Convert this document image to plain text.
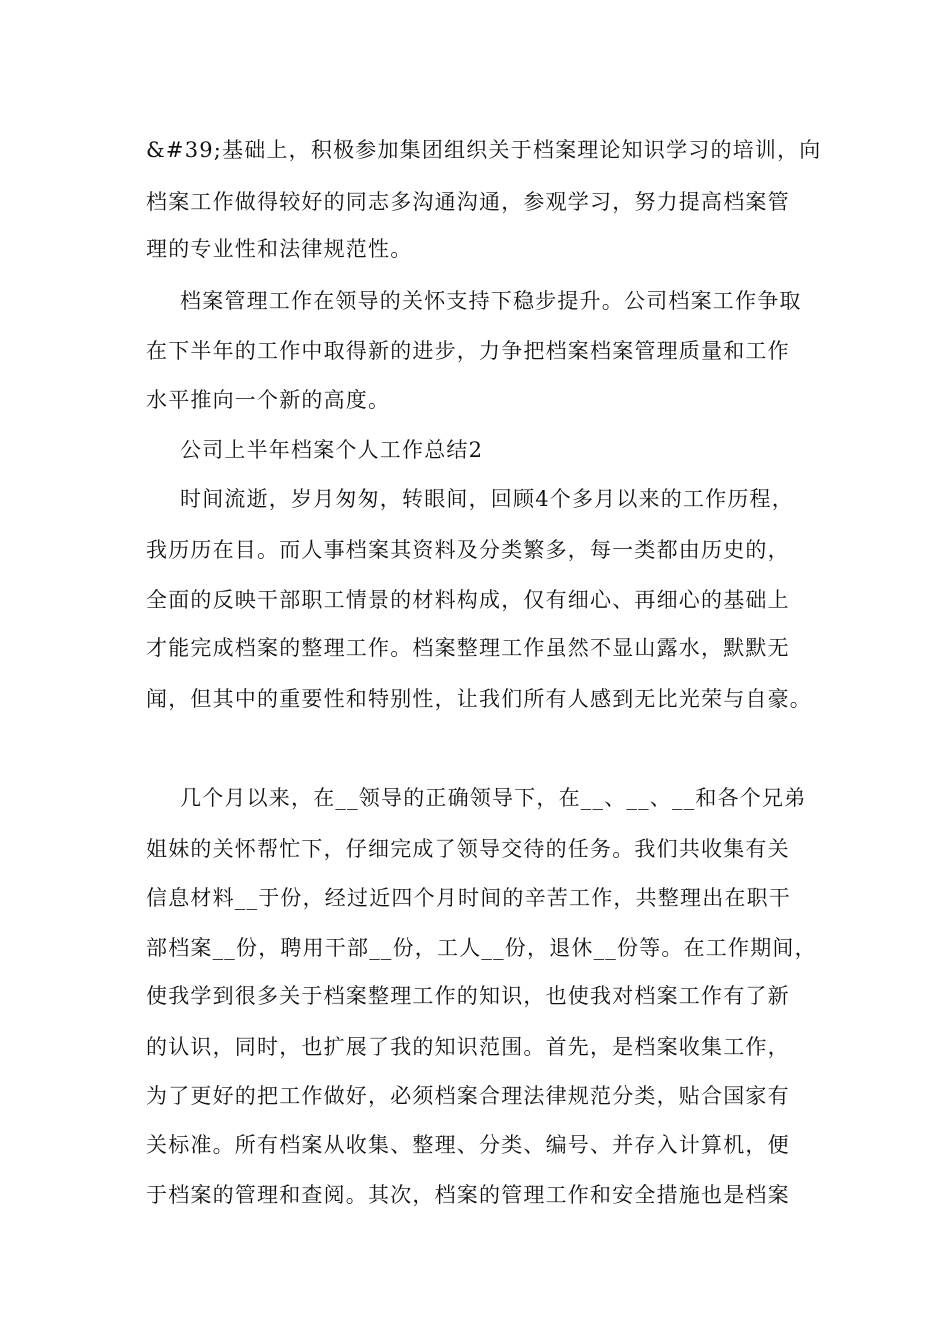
&#39;基础上，积极参加集团组织关于档案理论知识学习的培训，向
档案工作做得较好的同志多沟通沟通，参观学习，努力提高档案管
理的专业性和法律规范性。
档案管理工作在领导的关怀支持下稳步提升。公司档案工作争取
在下半年的工作中取得新的进步，力争把档案档案管理质量和工作
水平推向一个新的高度。
公司上半年档案个人工作总结2
时间流逝，岁月匆匆，转眼间，回顾4个多月以来的工作历程，
我历历在目。而人事档案其资料及分类繁多，每一类都由历史的，
全面的反映干部职工情景的材料构成，仅有细心、再细心的基础上
才能完成档案的整理工作。档案整理工作虽然不显山露水，默默无
闻，但其中的重要性和特别性，让我们所有人感到无比光荣与自豪。
几个月以来，在__领导的正确领导下，在__、__、__和各个兄弟
姐妹的关怀帮忙下，仔细完成了领导交待的任务。我们共收集有关
信息材料__于份，经过近四个月时间的辛苦工作，共整理出在职干
部档案__份，聘用干部__份，工人__份，退休__份等。在工作期间，
使我学到很多关于档案整理工作的知识，也使我对档案工作有了新
的认识，同时，也扩展了我的知识范围。首先，是档案收集工作，
为了更好的把工作做好，必须档案合理法律规范分类，贴合国家有
关标准。所有档案从收集、整理、分类、编号、并存入计算机，便
于档案的管理和查阅。其次，档案的管理工作和安全措施也是档案
